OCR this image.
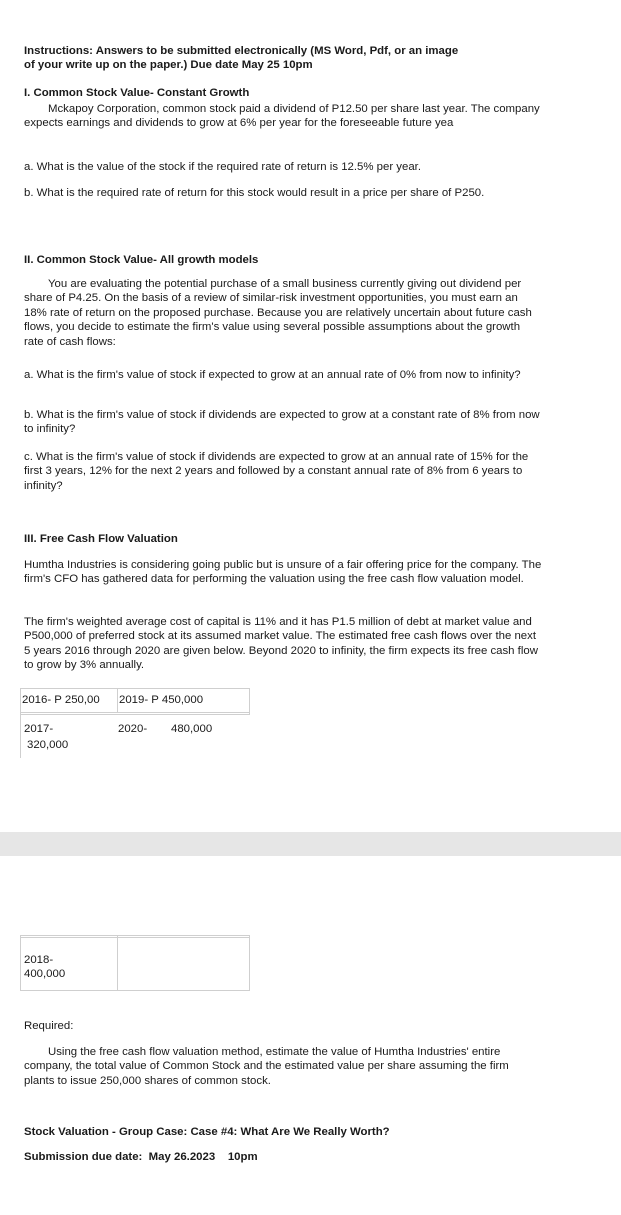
Instructions: Answers to be submitted electronically (MS Word, Pdf, or an image
of your write up on the paper.) Due date May 25 10pm

I. Common Stock Value- Constant Growth

Mckapoy Corporation, common stock paid a dividend of P12.50 per share last year. The company expects earnings and dividends to grow at 6% per year for the foreseeable future yea

a. What is the value of the stock if the required rate of return is 12.5% per year.

b. What is the required rate of return for this stock would result in a price per share of P250.

II. Common Stock Value- All growth models

You are evaluating the potential purchase of a small business currently giving out dividend per share of P4.25. On the basis of a review of similar-risk investment opportunities, you must earn an 18% rate of return on the proposed purchase. Because you are relatively uncertain about future cash flows, you decide to estimate the firm's value using several possible assumptions about the growth rate of cash flows:

a. What is the firm's value of stock if expected to grow at an annual rate of 0% from now to infinity?

b. What is the firm's value of stock if dividends are expected to grow at a constant rate of 8% from now to infinity?

c. What is the firm's value of stock if dividends are expected to grow at an annual rate of 15% for the first 3 years, 12% for the next 2 years and followed by a constant annual rate of 8% from 6 years to infinity?

III. Free Cash Flow Valuation

Humtha Industries is considering going public but is unsure of a fair offering price for the company. The firm's CFO has gathered data for performing the valuation using the free cash flow valuation model.

The firm's weighted average cost of capital is 11% and it has P1.5 million of debt at market value and P500,000 of preferred stock at its assumed market value. The estimated free cash flows over the next 5 years 2016 through 2020 are given below. Beyond 2020 to infinity, the firm expects its free cash flow to grow by 3% annually.

2016- P 250,00 2019- P 450,000
2017-
320,000
2020- 480,000
2018-
400,000

Required:

Using the free cash flow valuation method, estimate the value of Humtha Industries' entire company, the total value of Common Stock and the estimated value per share assuming the firm plants to issue 250,000 shares of common stock.

Stock Valuation - Group Case: Case #4: What Are We Really Worth?

Submission due date:  May 26.2023    10pm
